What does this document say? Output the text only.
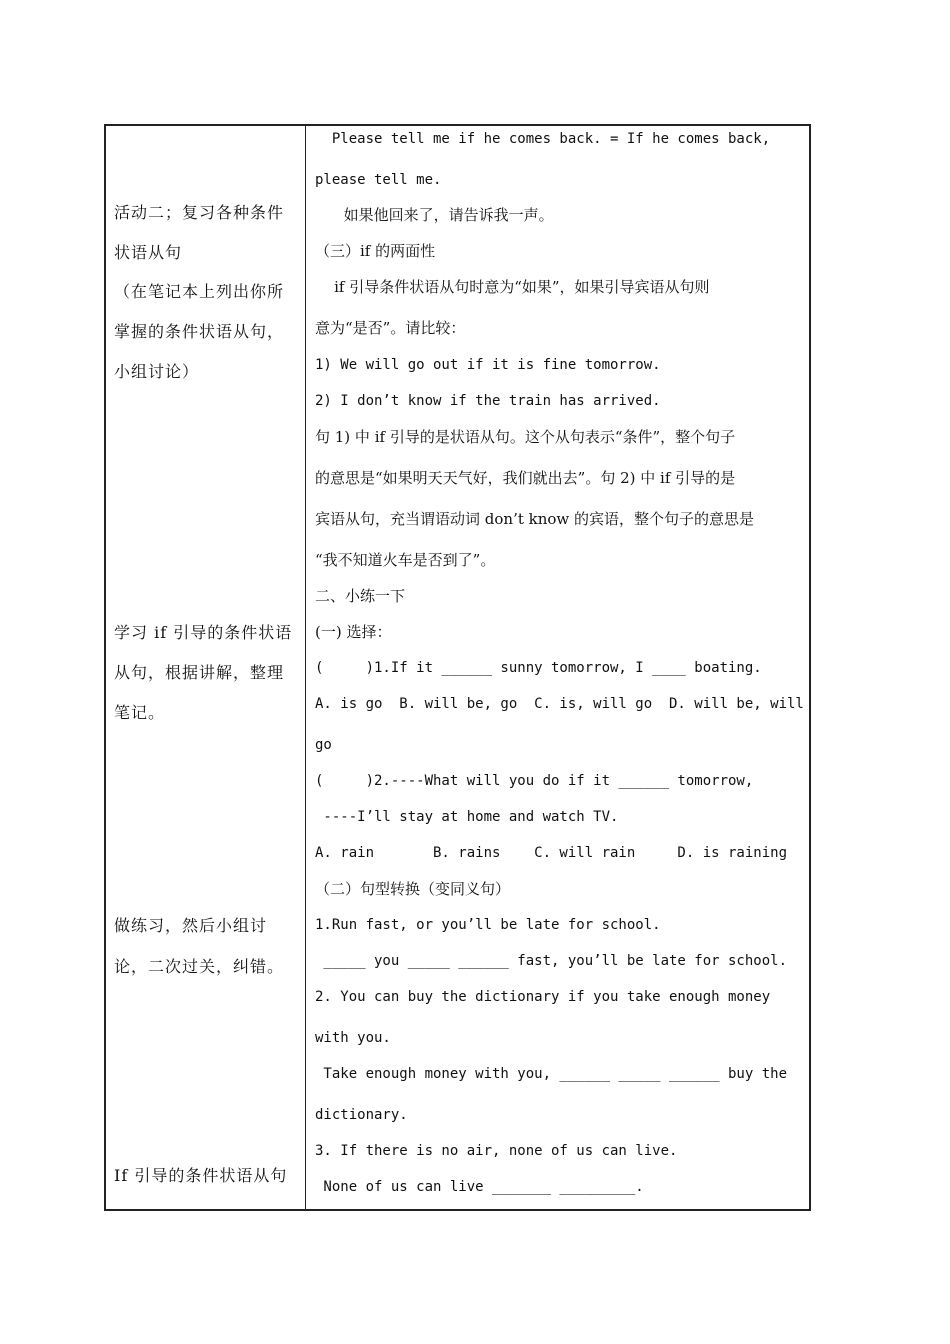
活动二；复习各种条件
状语从句
（在笔记本上列出你所
掌握的条件状语从句，
小组讨论）
学习 if 引导的条件状语
从句，根据讲解，整理
笔记。
做练习，然后小组讨
论，二次过关，纠错。
If 引导的条件状语从句
Please tell me if he comes back. = If he comes back,
please tell me.
如果他回来了，请告诉我一声。
（三）if 的两面性
if 引导条件状语从句时意为“如果”，如果引导宾语从句则
意为“是否”。请比较：
1) We will go out if it is fine tomorrow.
2) I don’t know if the train has arrived.
句 1) 中 if 引导的是状语从句。这个从句表示“条件”，整个句子
的意思是“如果明天天气好，我们就出去”。句 2) 中 if 引导的是
宾语从句，充当谓语动词 don’t know 的宾语，整个句子的意思是
“我不知道火车是否到了”。
二、小练一下
(一) 选择：
(     )1.If it ______ sunny tomorrow, I ____ boating.
A. is go  B. will be, go  C. is, will go  D. will be, will
go
(     )2.----What will you do if it ______ tomorrow,
----I’ll stay at home and watch TV.
A. rain       B. rains    C. will rain     D. is raining
（二）句型转换（变同义句）
1.Run fast, or you’ll be late for school.
_____ you _____ ______ fast, you’ll be late for school.
2. You can buy the dictionary if you take enough money
with you.
Take enough money with you, ______ _____ ______ buy the
dictionary.
3. If there is no air, none of us can live.
None of us can live _______ _________.
